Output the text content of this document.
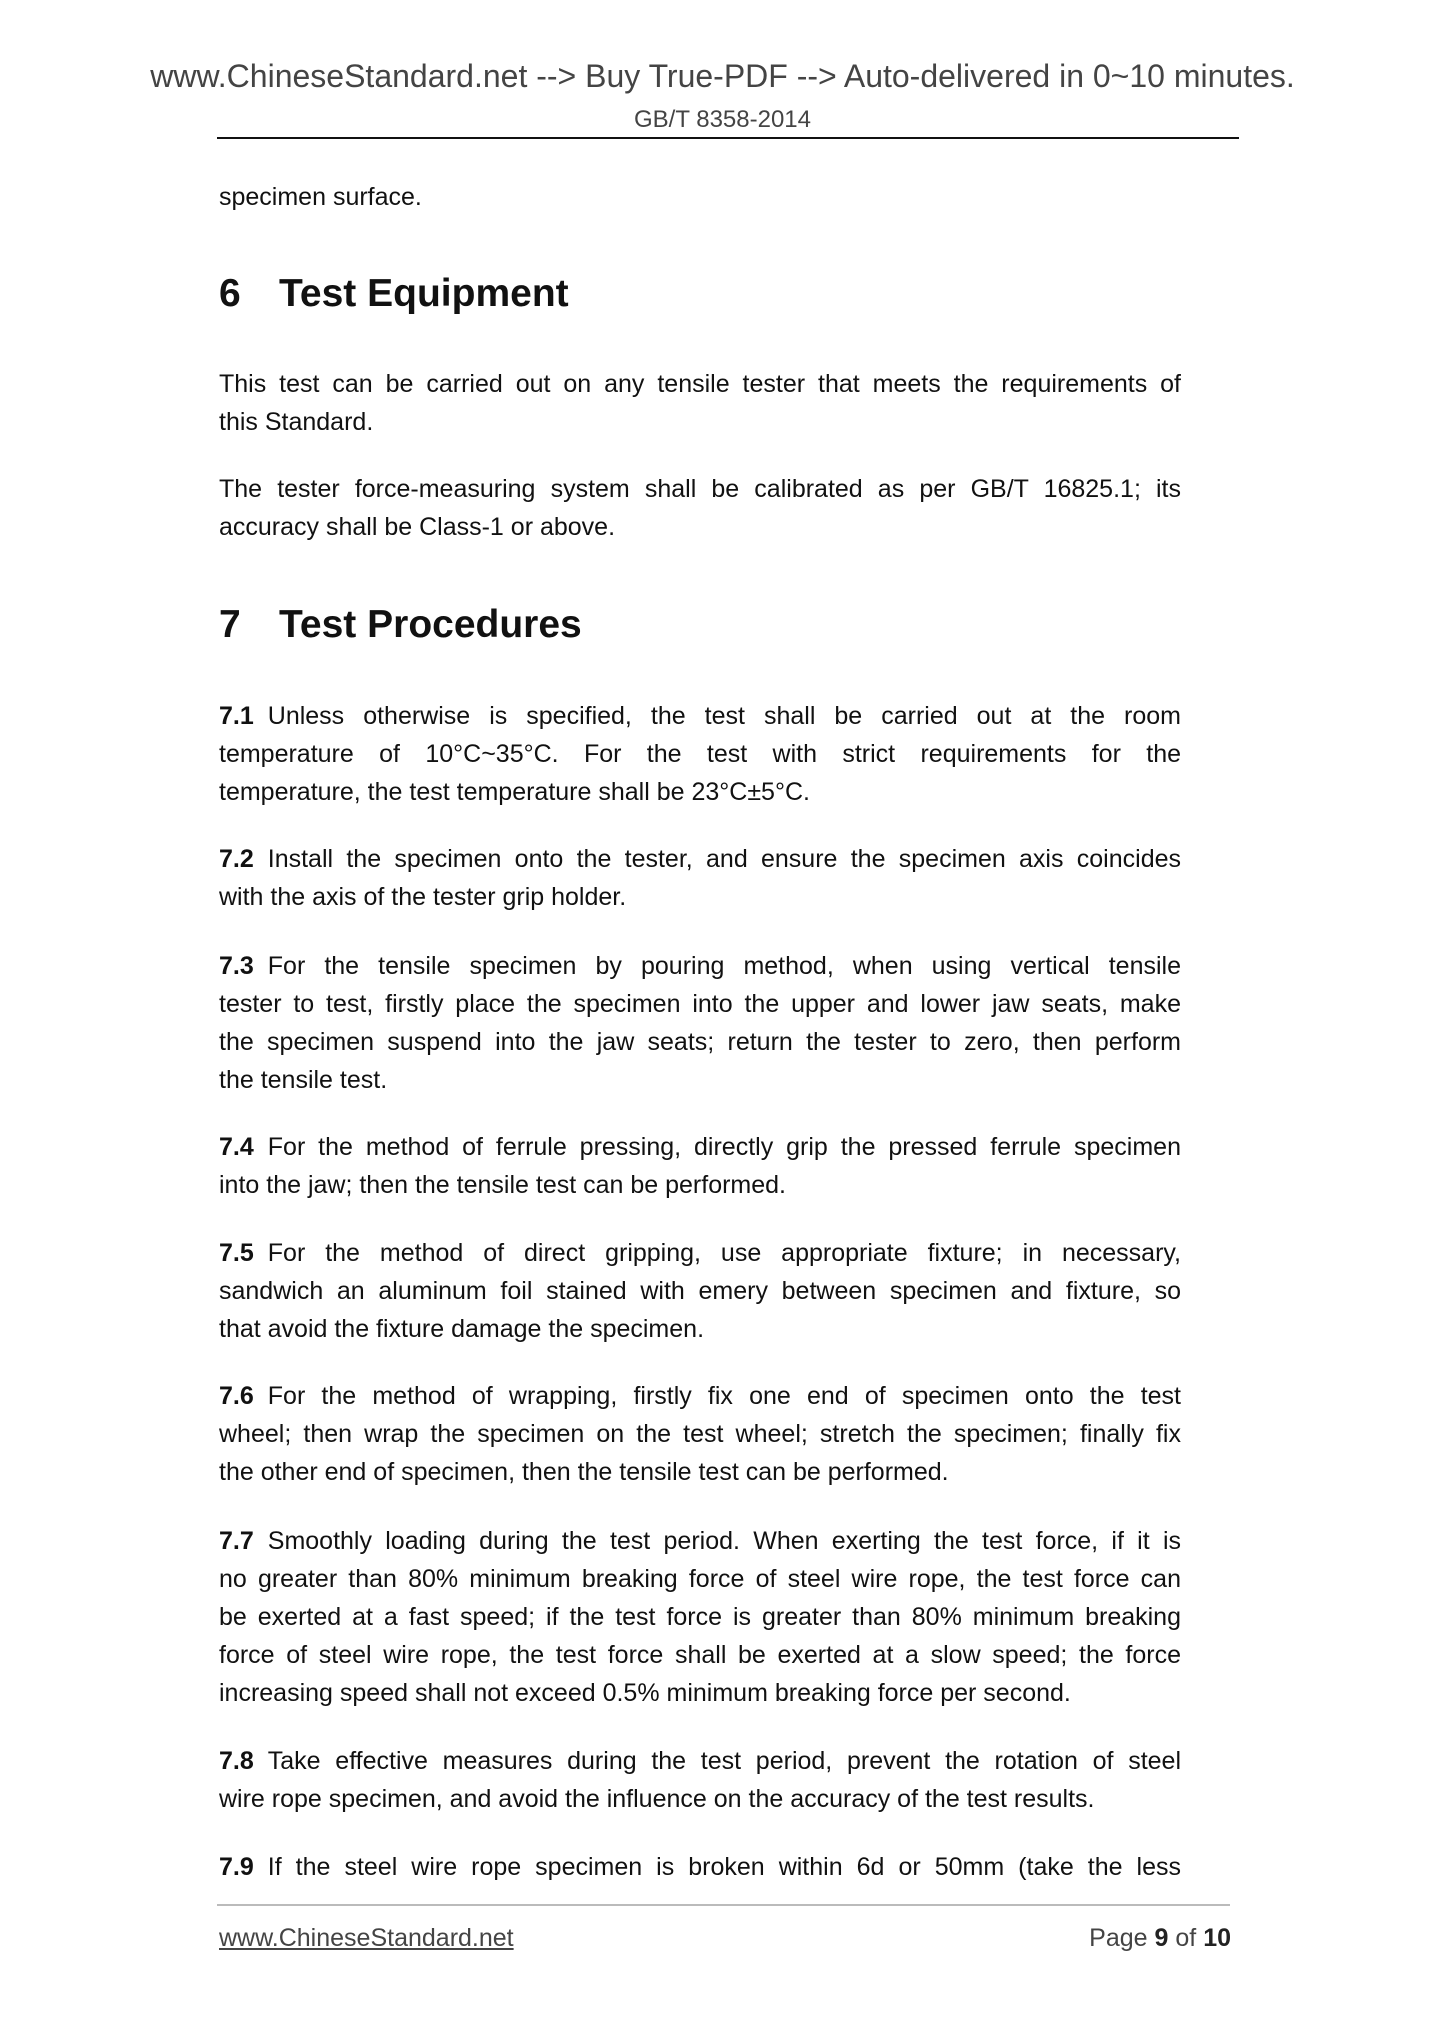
www.ChineseStandard.net --> Buy True-PDF --> Auto-delivered in 0~10 minutes.
GB/T 8358-2014
specimen surface.
6 Test Equipment
This test can be carried out on any tensile tester that meets the requirements of
this Standard.
The tester force-measuring system shall be calibrated as per GB/T 16825.1; its
accuracy shall be Class-1 or above.
7 Test Procedures
7.1 Unless otherwise is specified, the test shall be carried out at the room
temperature of 10°C~35°C. For the test with strict requirements for the
temperature, the test temperature shall be 23°C±5°C.
7.2 Install the specimen onto the tester, and ensure the specimen axis coincides
with the axis of the tester grip holder.
7.3 For the tensile specimen by pouring method, when using vertical tensile
tester to test, firstly place the specimen into the upper and lower jaw seats, make
the specimen suspend into the jaw seats; return the tester to zero, then perform
the tensile test.
7.4 For the method of ferrule pressing, directly grip the pressed ferrule specimen
into the jaw; then the tensile test can be performed.
7.5 For the method of direct gripping, use appropriate fixture; in necessary,
sandwich an aluminum foil stained with emery between specimen and fixture, so
that avoid the fixture damage the specimen.
7.6 For the method of wrapping, firstly fix one end of specimen onto the test
wheel; then wrap the specimen on the test wheel; stretch the specimen; finally fix
the other end of specimen, then the tensile test can be performed.
7.7 Smoothly loading during the test period. When exerting the test force, if it is
no greater than 80% minimum breaking force of steel wire rope, the test force can
be exerted at a fast speed; if the test force is greater than 80% minimum breaking
force of steel wire rope, the test force shall be exerted at a slow speed; the force
increasing speed shall not exceed 0.5% minimum breaking force per second.
7.8 Take effective measures during the test period, prevent the rotation of steel
wire rope specimen, and avoid the influence on the accuracy of the test results.
7.9 If the steel wire rope specimen is broken within 6d or 50mm (take the less
www.ChineseStandard.net	Page 9 of 10
